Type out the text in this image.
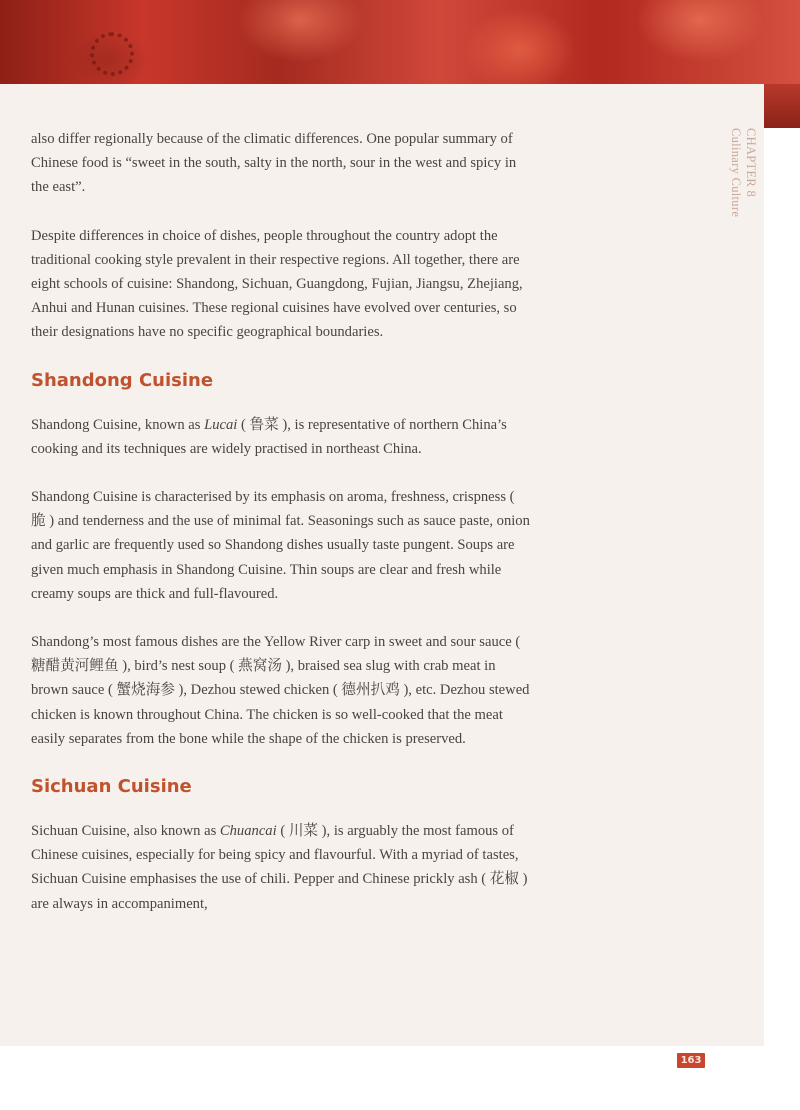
CHAPTER 8
Culinary Culture

also differ regionally because of the climatic differences. One popular summary of Chinese food is “sweet in the south, salty in the north, sour in the west and spicy in the east”.

Despite differences in choice of dishes, people throughout the country adopt the traditional cooking style prevalent in their respective regions. All together, there are eight schools of cuisine: Shandong, Sichuan, Guangdong, Fujian, Jiangsu, Zhejiang, Anhui and Hunan cuisines. These regional cuisines have evolved over centuries, so their designations have no specific geographical boundaries.

Shandong Cuisine

Shandong Cuisine, known as Lucai ( 鲁菜 ), is representative of northern China’s cooking and its techniques are widely practised in northeast China.

Shandong Cuisine is characterised by its emphasis on aroma, freshness, crispness ( 脆 ) and tenderness and the use of minimal fat. Seasonings such as sauce paste, onion and garlic are frequently used so Shandong dishes usually taste pungent. Soups are given much emphasis in Shandong Cuisine. Thin soups are clear and fresh while creamy soups are thick and full-flavoured.

Shandong’s most famous dishes are the Yellow River carp in sweet and sour sauce ( 糖醋黄河鲤鱼 ), bird’s nest soup ( 燕窝汤 ), braised sea slug with crab meat in brown sauce ( 蟹烧海参 ), Dezhou stewed chicken ( 德州扒鸡 ), etc. Dezhou stewed chicken is known throughout China. The chicken is so well-cooked that the meat easily separates from the bone while the shape of the chicken is preserved.

Sichuan Cuisine

Sichuan Cuisine, also known as Chuancai ( 川菜 ), is arguably the most famous of Chinese cuisines, especially for being spicy and flavourful. With a myriad of tastes, Sichuan Cuisine emphasises the use of chili. Pepper and Chinese prickly ash ( 花椒 ) are always in accompaniment,

163
